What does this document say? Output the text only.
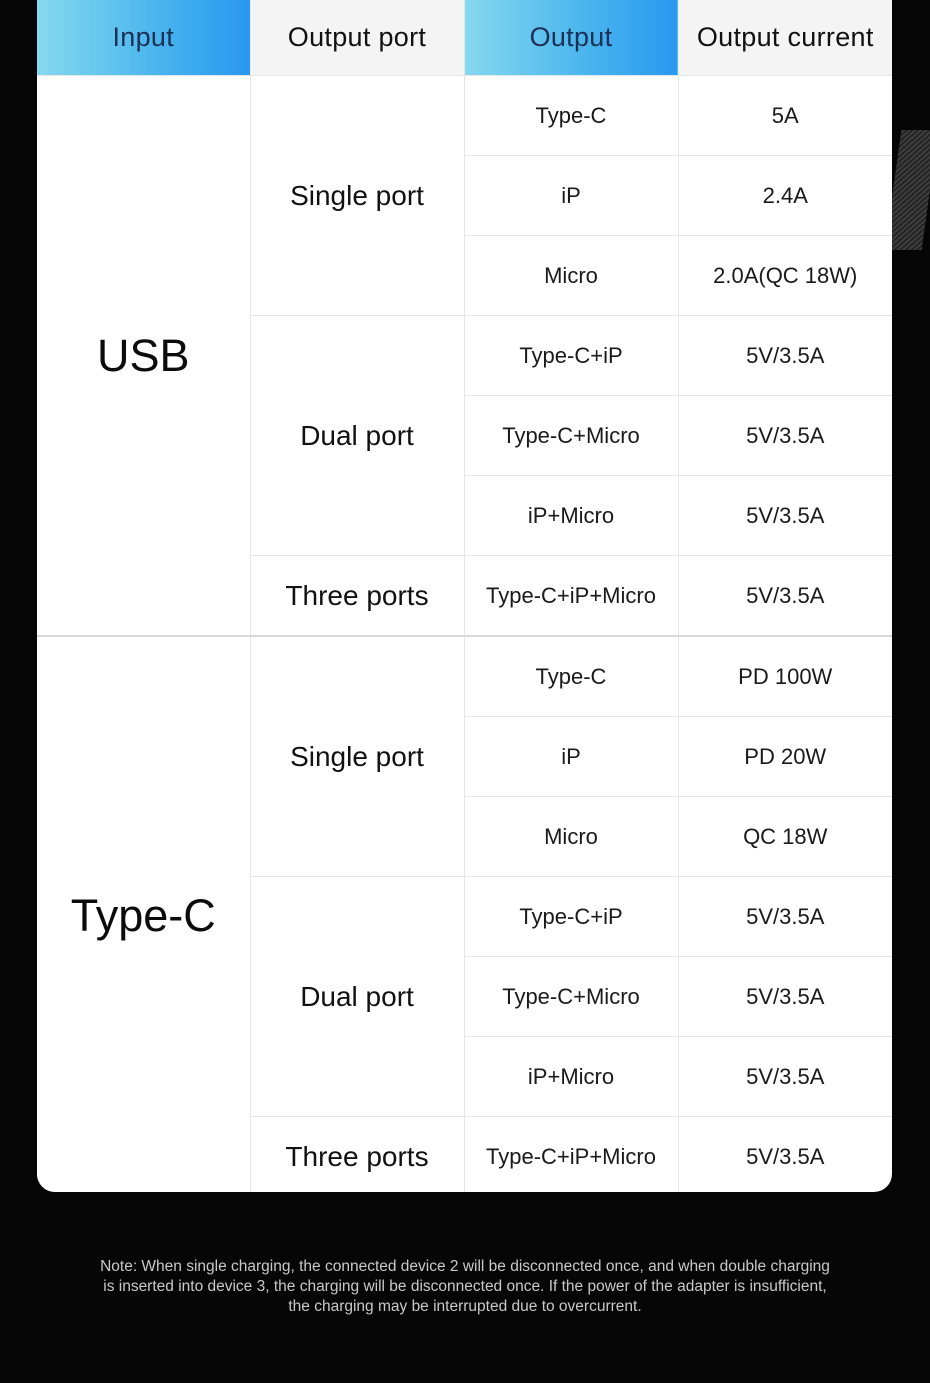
Input	Output port	Output	Output current
USB	Single port	Type-C	5A
		iP	2.4A
		Micro	2.0A(QC 18W)
	Dual port	Type-C+iP	5V/3.5A
		Type-C+Micro	5V/3.5A
		iP+Micro	5V/3.5A
	Three ports	Type-C+iP+Micro	5V/3.5A
Type-C	Single port	Type-C	PD 100W
		iP	PD 20W
		Micro	QC 18W
	Dual port	Type-C+iP	5V/3.5A
		Type-C+Micro	5V/3.5A
		iP+Micro	5V/3.5A
	Three ports	Type-C+iP+Micro	5V/3.5A
Note: When single charging, the connected device 2 will be disconnected once, and when double charging
is inserted into device 3, the charging will be disconnected once. If the power of the adapter is insufficient,
the charging may be interrupted due to overcurrent.
